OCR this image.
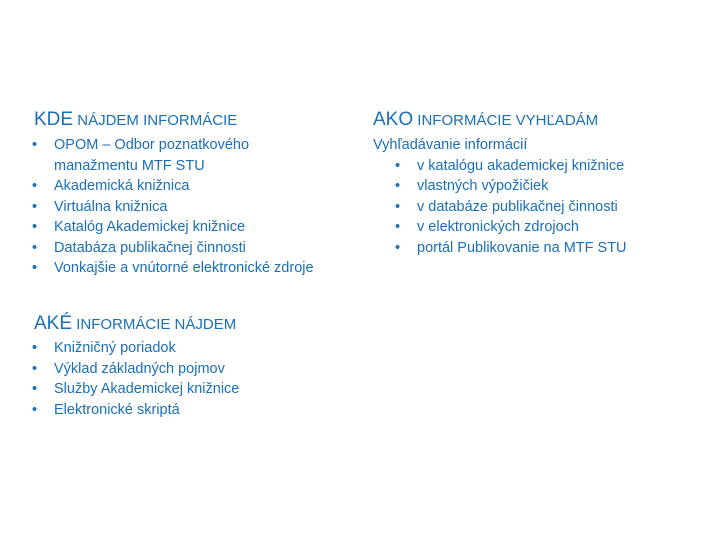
KDE NÁJDEM INFORMÁCIE
• OPOM – Odbor poznatkového
manažmentu MTF STU
• Akademická knižnica
• Virtuálna knižnica
• Katalóg Akademickej knižnice
• Databáza publikačnej činnosti
• Vonkajšie a vnútorné elektronické zdroje
AKO INFORMÁCIE VYHĽADÁM
Vyhľadávanie informácií
• v katalógu akademickej knižnice
• vlastných výpožičiek
• v databáze publikačnej činnosti
• v elektronických zdrojoch
• portál Publikovanie na MTF STU
AKÉ INFORMÁCIE NÁJDEM
• Knižničný poriadok
• Výklad základných pojmov
• Služby Akademickej knižnice
• Elektronické skriptá
